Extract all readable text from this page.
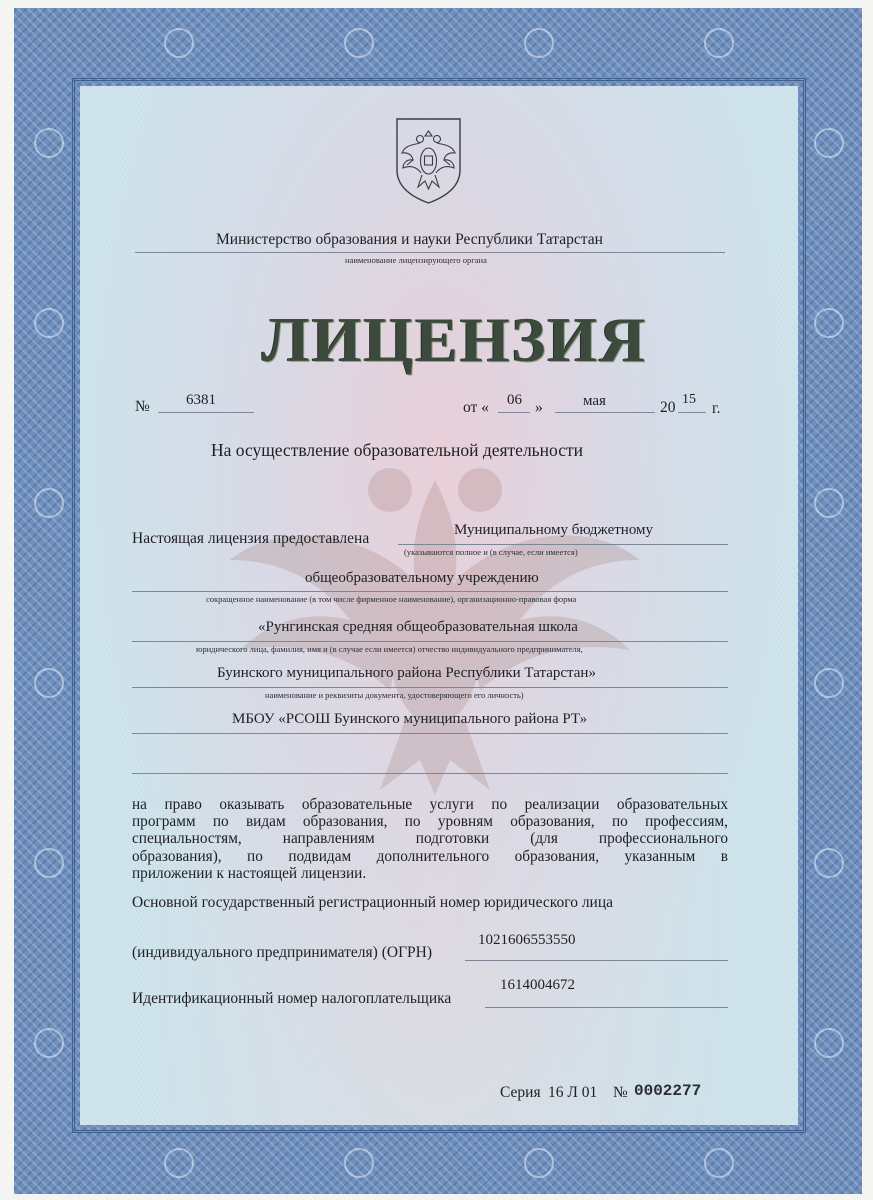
Министерство образования и науки Республики Татарстан
наименование лицензирующего органа
ЛИЦЕНЗИЯ
№ 6381	от « 06 »	мая	20 15
г.
На осуществление образовательной деятельности
Настоящая лицензия предоставлена	Муниципальному бюджетному
(указываются полное и (в случае, если имеется)
общеобразовательному учреждению
сокращенное наименование (в том числе фирменное наименование), организационно-правовая форма
«Рунгинская средняя общеобразовательная школа
юридического лица, фамилия, имя и (в случае если имеется) отчество индивидуального предпринимателя,
Буинского муниципального района Республики Татарстан»
наименование и реквизиты документа, удостоверяющего его личность)
МБОУ «РСОШ Буинского муниципального района РТ»
на право оказывать образовательные услуги по реализации образовательных
программ по видам образования, по уровням образования, по профессиям,
специальностям, направлениям подготовки (для профессионального
образования), по подвидам дополнительного образования, указанным в
приложении к настоящей лицензии.
Основной государственный регистрационный номер юридического лица
(индивидуального предпринимателя) (ОГРН)
1021606553550
Идентификационный номер налогоплательщика
1614004672
Серия 16 Л 01 № 0002277
